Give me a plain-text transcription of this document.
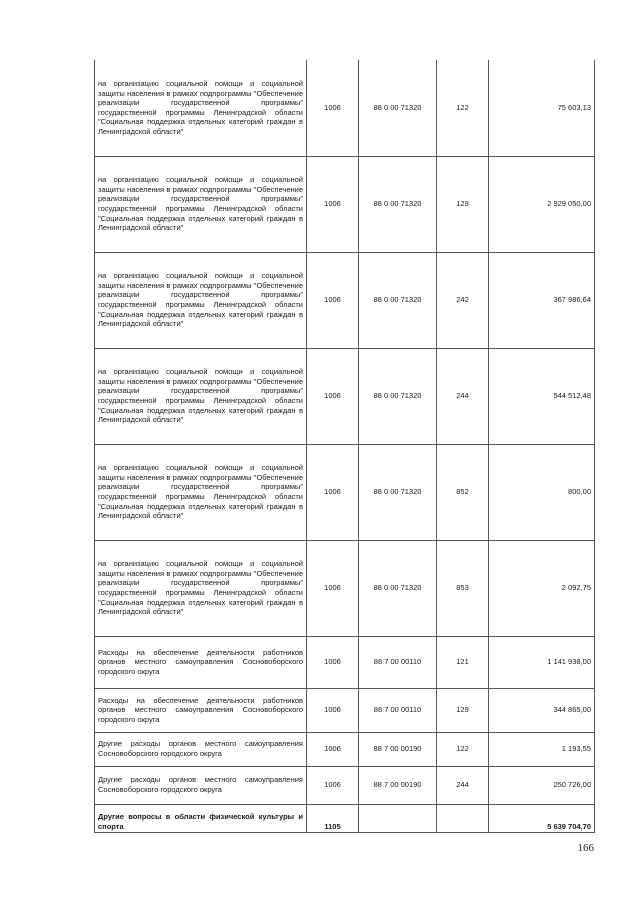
на организацию социальной помощи и социальной защиты населения в рамках подпрограммы "Обеспечение реализации государственной программы" государственной программы Ленинградской области "Социальная поддержка отдельных категорий граждан в Ленинградской области"	1006	88 0 00 71320	122	75 603,13
на организацию социальной помощи и социальной защиты населения в рамках подпрограммы "Обеспечение реализации государственной программы" государственной программы Ленинградской области "Социальная поддержка отдельных категорий граждан в Ленинградской области"	1006	88 0 00 71320	129	2 929 050,00
на организацию социальной помощи и социальной защиты населения в рамках подпрограммы "Обеспечение реализации государственной программы" государственной программы Ленинградской области "Социальная поддержка отдельных категорий граждан в Ленинградской области"	1006	88 0 00 71320	242	367 986,64
на организацию социальной помощи и социальной защиты населения в рамках подпрограммы "Обеспечение реализации государственной программы" государственной программы Ленинградской области "Социальная поддержка отдельных категорий граждан в Ленинградской области"	1006	88 0 00 71320	244	544 512,48
на организацию социальной помощи и социальной защиты населения в рамках подпрограммы "Обеспечение реализации государственной программы" государственной программы Ленинградской области "Социальная поддержка отдельных категорий граждан в Ленинградской области"	1006	88 0 00 71320	852	800,00
на организацию социальной помощи и социальной защиты населения в рамках подпрограммы "Обеспечение реализации государственной программы" государственной программы Ленинградской области "Социальная поддержка отдельных категорий граждан в Ленинградской области"	1006	88 0 00 71320	853	2 092,75
Расходы на обеспечение деятельности работников органов местного самоуправления Сосновоборского городского округа	1006	88 7 00 00110	121	1 141 938,00
Расходы на обеспечение деятельности работников органов местного самоуправления Сосновоборского городского округа	1006	88 7 00 00110	129	344 865,00
Другие расходы органов местного самоуправления Сосновоборского городского округа	1006	88 7 00 00190	122	1 193,55
Другие расходы органов местного самоуправления Сосновоборского городского округа	1006	88 7 00 00190	244	250 726,00
Другие вопросы в области физической культуры и спорта	1105			5 639 704,70
166
